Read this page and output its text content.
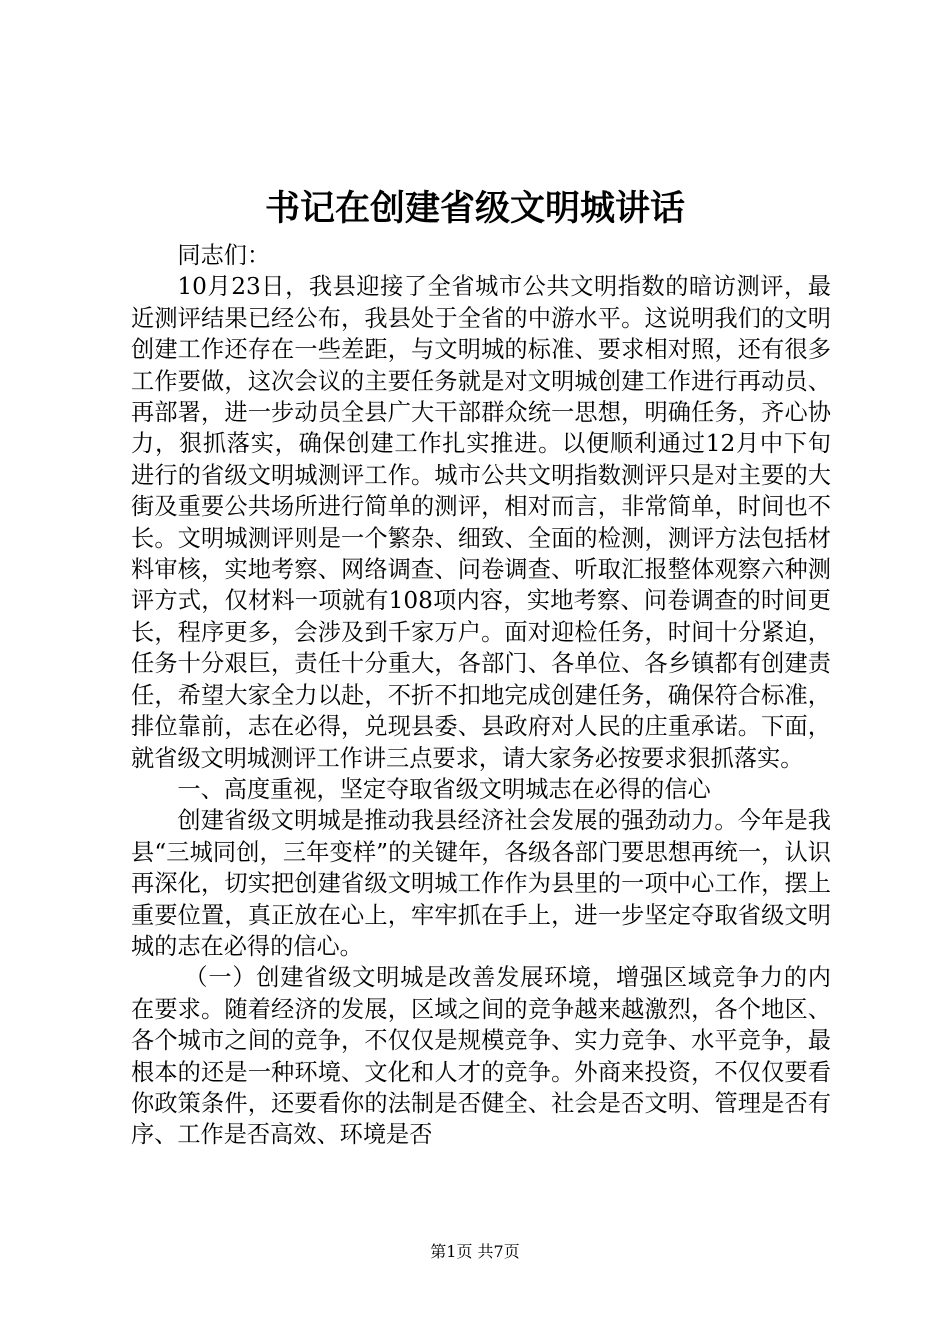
书记在创建省级文明城讲话

同志们：

10月23日，我县迎接了全省城市公共文明指数的暗访测评，最近测评结果已经公布，我县处于全省的中游水平。这说明我们的文明创建工作还存在一些差距，与文明城的标准、要求相对照，还有很多工作要做，这次会议的主要任务就是对文明城创建工作进行再动员、再部署，进一步动员全县广大干部群众统一思想，明确任务，齐心协力，狠抓落实，确保创建工作扎实推进。以便顺利通过12月中下旬进行的省级文明城测评工作。城市公共文明指数测评只是对主要的大街及重要公共场所进行简单的测评，相对而言，非常简单，时间也不长。文明城测评则是一个繁杂、细致、全面的检测，测评方法包括材料审核，实地考察、网络调查、问卷调查、听取汇报整体观察六种测评方式，仅材料一项就有108项内容，实地考察、问卷调查的时间更长，程序更多，会涉及到千家万户。面对迎检任务，时间十分紧迫，任务十分艰巨，责任十分重大，各部门、各单位、各乡镇都有创建责任，希望大家全力以赴，不折不扣地完成创建任务，确保符合标准，排位靠前，志在必得，兑现县委、县政府对人民的庄重承诺。下面，就省级文明城测评工作讲三点要求，请大家务必按要求狠抓落实。

一、高度重视，坚定夺取省级文明城志在必得的信心

创建省级文明城是推动我县经济社会发展的强劲动力。今年是我县“三城同创，三年变样”的关键年，各级各部门要思想再统一，认识再深化，切实把创建省级文明城工作作为县里的一项中心工作，摆上重要位置，真正放在心上，牢牢抓在手上，进一步坚定夺取省级文明城的志在必得的信心。

（一）创建省级文明城是改善发展环境，增强区域竞争力的内在要求。随着经济的发展，区域之间的竞争越来越激烈，各个地区、各个城市之间的竞争，不仅仅是规模竞争、实力竞争、水平竞争，最根本的还是一种环境、文化和人才的竞争。外商来投资，不仅仅要看你政策条件，还要看你的法制是否健全、社会是否文明、管理是否有序、工作是否高效、环境是否

第1页 共7页
